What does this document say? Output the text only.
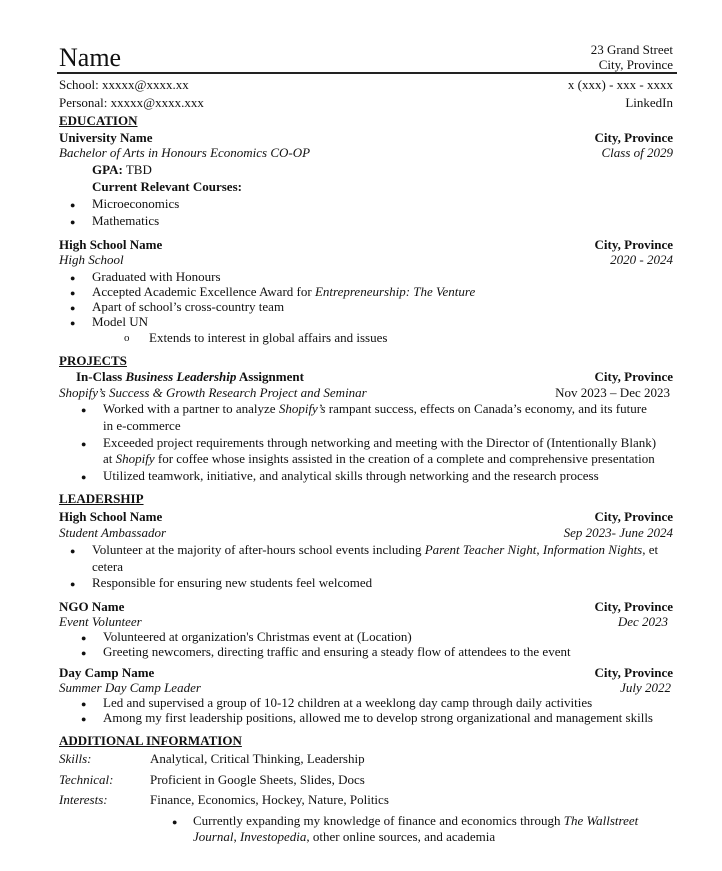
Name	23 Grand Street
City, Province
School: xxxxx@xxxx.xx	x (xxx) - xxx - xxxx
Personal: xxxxx@xxxx.xxx	LinkedIn
EDUCATION
University Name	City, Province
Bachelor of Arts in Honours Economics CO-OP	Class of 2029
GPA: TBD
Current Relevant Courses:
● Microeconomics
● Mathematics
High School Name	City, Province
High School	2020 - 2024
● Graduated with Honours
● Accepted Academic Excellence Award for Entrepreneurship: The Venture
● Apart of school’s cross-country team
● Model UN
o Extends to interest in global affairs and issues
PROJECTS
In-Class Business Leadership Assignment	City, Province
Shopify’s Success & Growth Research Project and Seminar	Nov 2023 – Dec 2023
● Worked with a partner to analyze Shopify’s rampant success, effects on Canada’s economy, and its future
in e-commerce
● Exceeded project requirements through networking and meeting with the Director of (Intentionally Blank)
at Shopify for coffee whose insights assisted in the creation of a complete and comprehensive presentation
● Utilized teamwork, initiative, and analytical skills through networking and the research process
LEADERSHIP
High School Name	City, Province
Student Ambassador	Sep 2023- June 2024
● Volunteer at the majority of after-hours school events including Parent Teacher Night, Information Nights, et
cetera
● Responsible for ensuring new students feel welcomed
NGO Name	City, Province
Event Volunteer	Dec 2023
● Volunteered at organization's Christmas event at (Location)
● Greeting newcomers, directing traffic and ensuring a steady flow of attendees to the event
Day Camp Name	City, Province
Summer Day Camp Leader	July 2022
● Led and supervised a group of 10-12 children at a weeklong day camp through daily activities
● Among my first leadership positions, allowed me to develop strong organizational and management skills
ADDITIONAL INFORMATION
Skills:	Analytical, Critical Thinking, Leadership
Technical:	Proficient in Google Sheets, Slides, Docs
Interests:	Finance, Economics, Hockey, Nature, Politics
● Currently expanding my knowledge of finance and economics through The Wallstreet
Journal, Investopedia, other online sources, and academia
